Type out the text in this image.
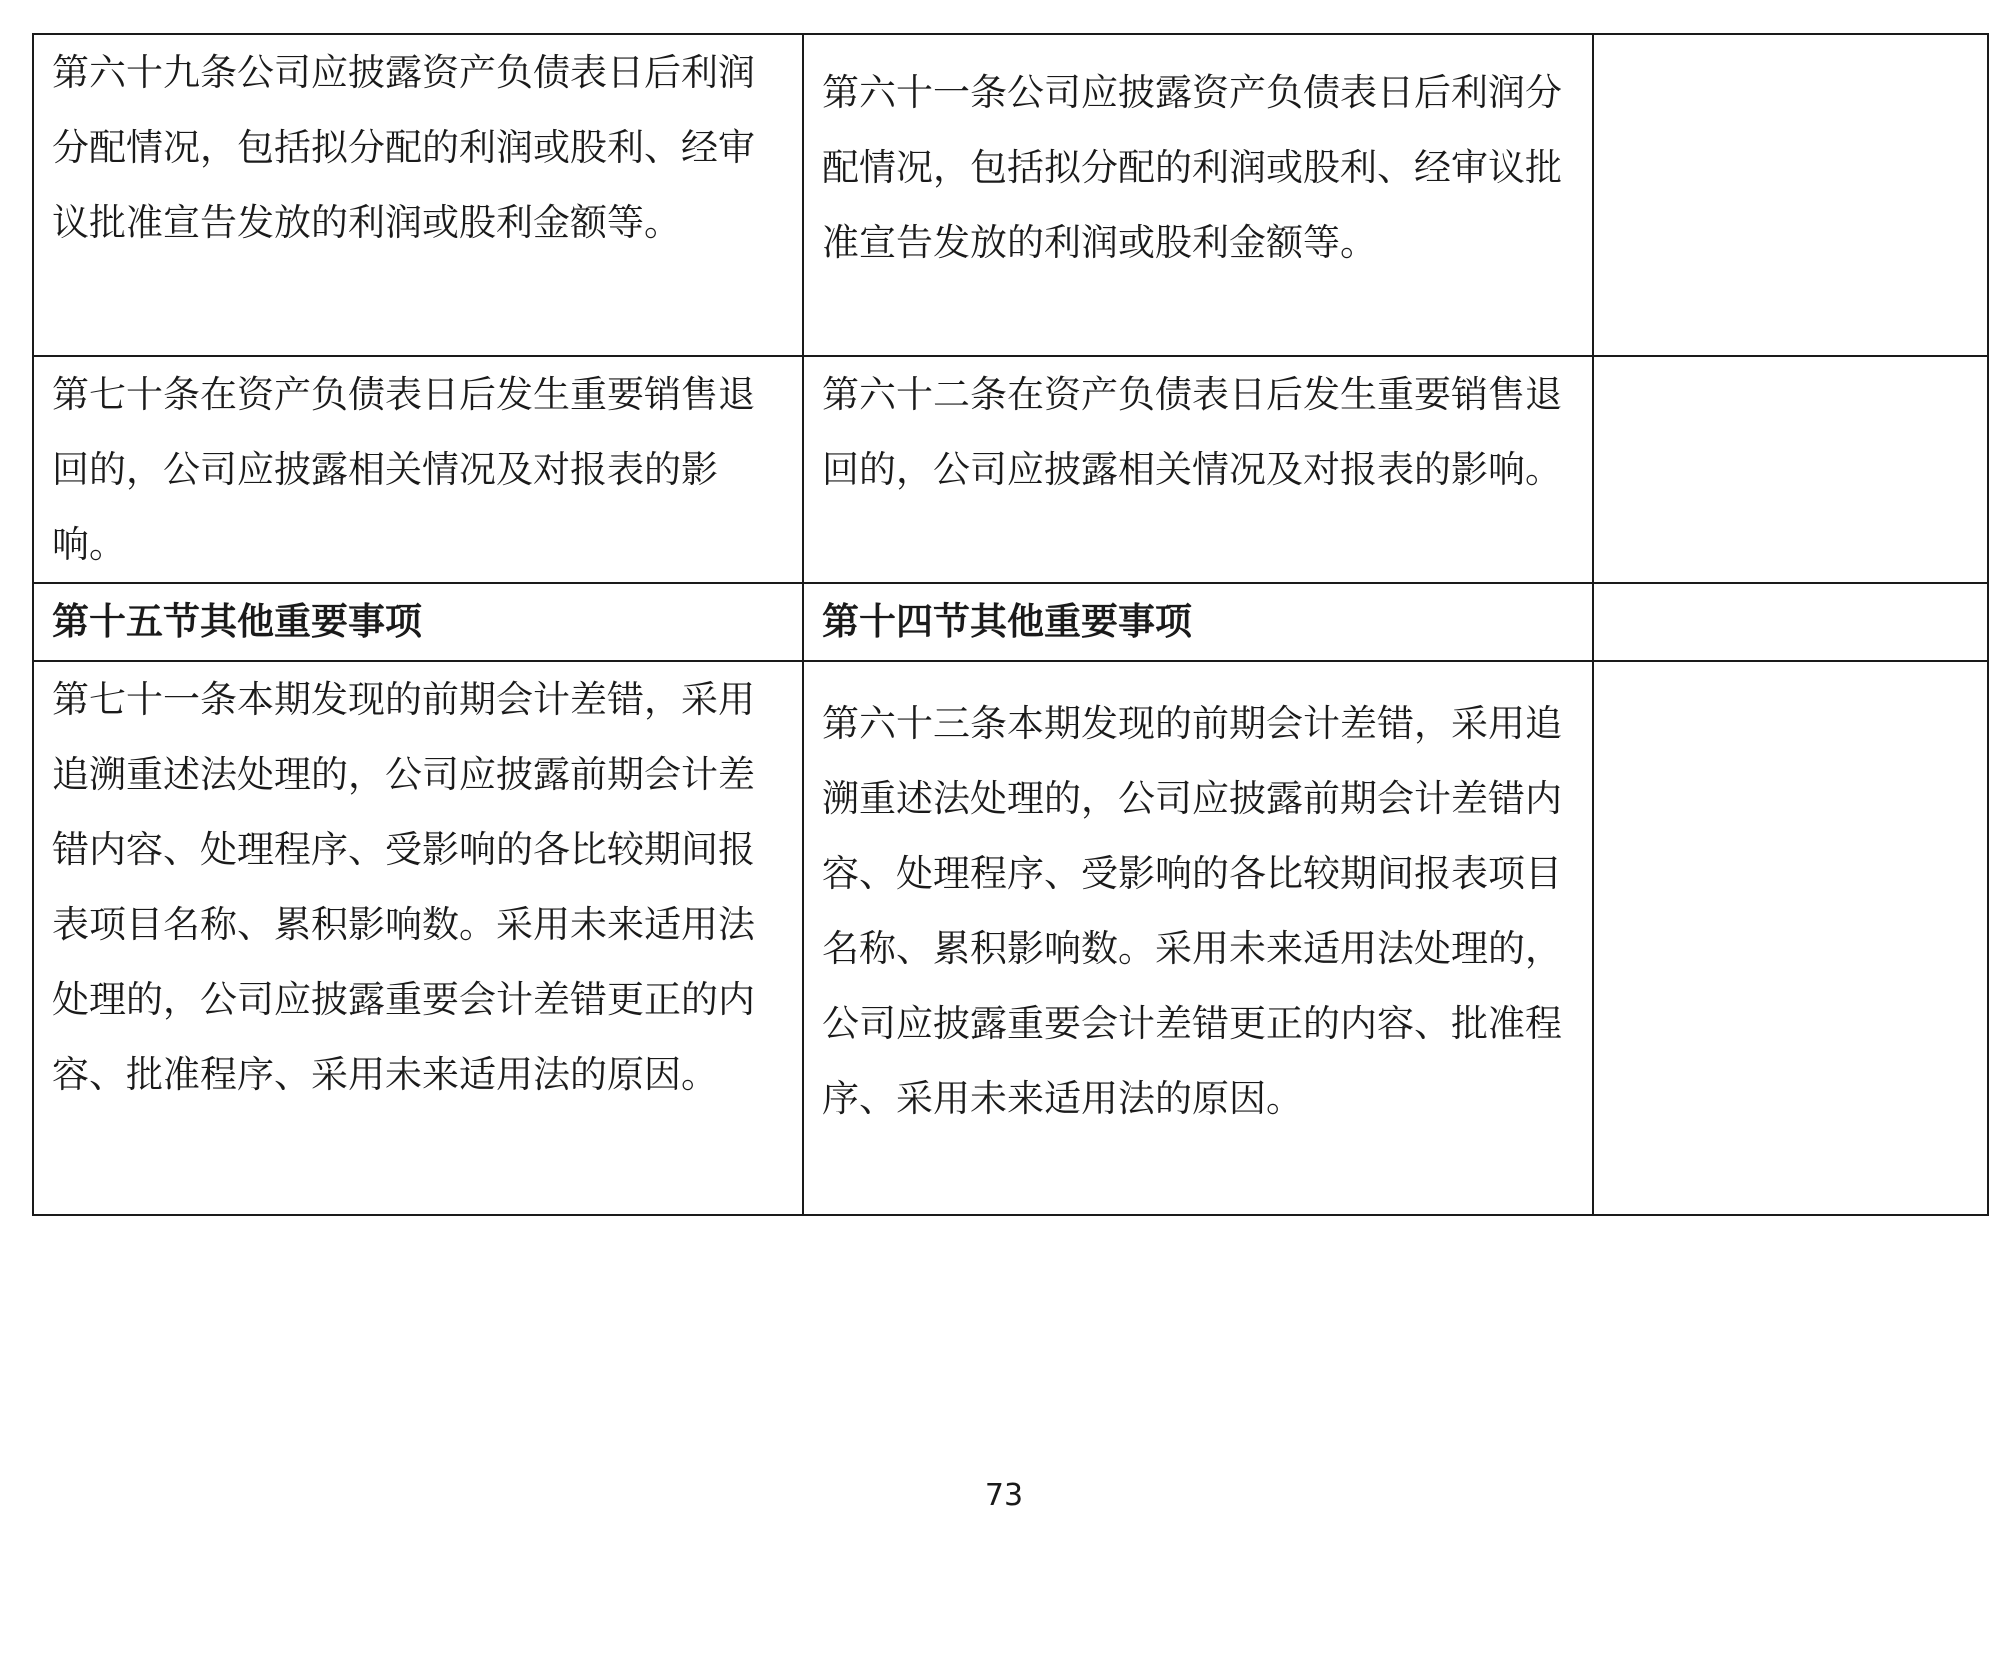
第六十九条公司应披露资产负债表日后利润分配情况，包括拟分配的利润或股利、经审议批准宣告发放的利润或股利金额等。	第六十一条公司应披露资产负债表日后利润分配情况，包括拟分配的利润或股利、经审议批准宣告发放的利润或股利金额等。	
第七十条在资产负债表日后发生重要销售退回的，公司应披露相关情况及对报表的影响。	第六十二条在资产负债表日后发生重要销售退回的，公司应披露相关情况及对报表的影响。	
第十五节其他重要事项	第十四节其他重要事项	
第七十一条本期发现的前期会计差错，采用追溯重述法处理的，公司应披露前期会计差错内容、处理程序、受影响的各比较期间报表项目名称、累积影响数。采用未来适用法处理的，公司应披露重要会计差错更正的内容、批准程序、采用未来适用法的原因。	第六十三条本期发现的前期会计差错，采用追溯重述法处理的，公司应披露前期会计差错内容、处理程序、受影响的各比较期间报表项目名称、累积影响数。采用未来适用法处理的，公司应披露重要会计差错更正的内容、批准程序、采用未来适用法的原因。	
73
